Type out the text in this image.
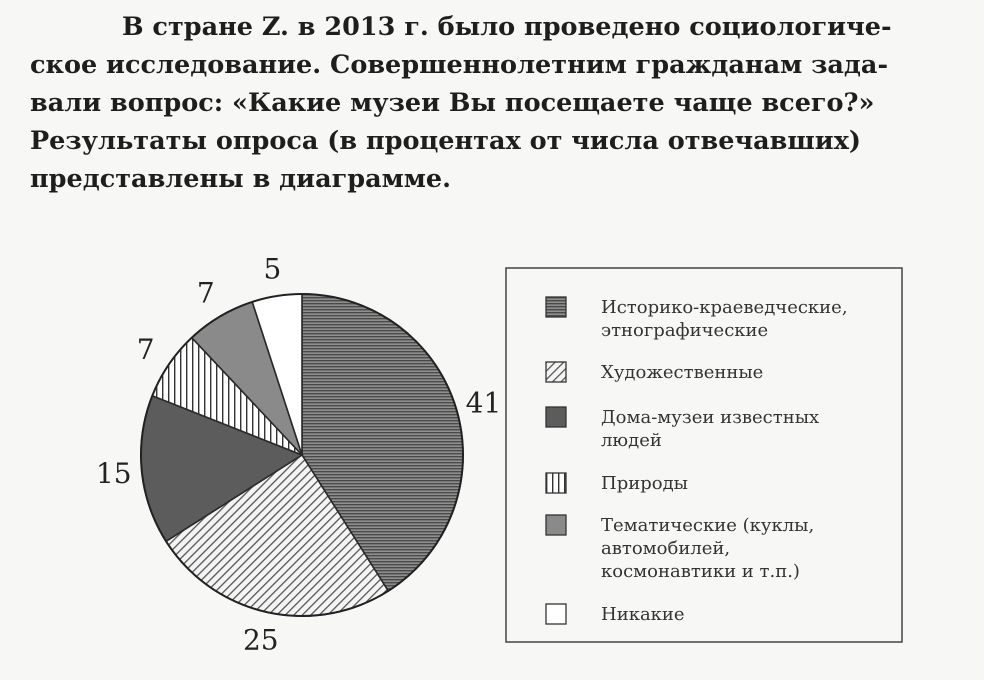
В стране Z. в 2013 г. было проведено социологиче-
ское исследование. Совершеннолетним гражданам зада-
вали вопрос: «Какие музеи Вы посещаете чаще всего?»
Результаты опроса (в процентах от числа отвечавших)
представлены в диаграмме.
41
25
15
7
7
5
Историко-краеведческие,
этнографические
Художественные
Дома-музеи известных
людей
Природы
Тематические (куклы,
автомобилей,
космонавтики и т.п.)
Никакие
